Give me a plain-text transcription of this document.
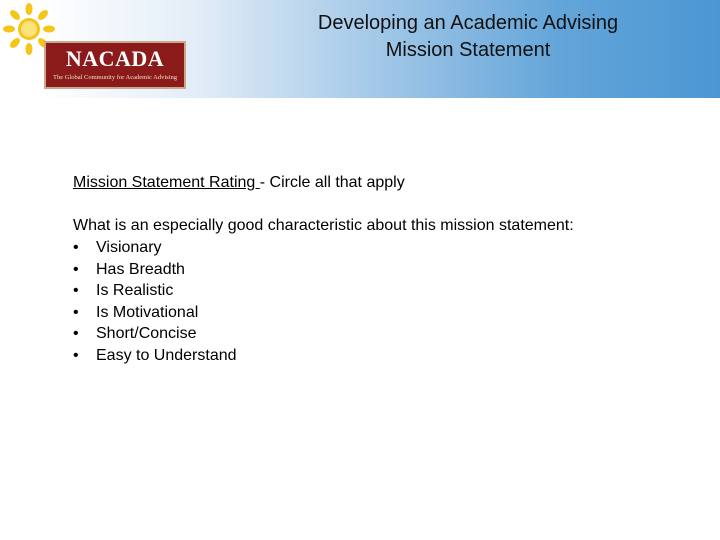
NACADA
The Global Community for Academic Advising
Developing an Academic Advising
Mission Statement
Mission Statement Rating - Circle all that apply
What is an especially good characteristic about this mission statement:
• Visionary
• Has Breadth
• Is Realistic
• Is Motivational
• Short/Concise
• Easy to Understand
